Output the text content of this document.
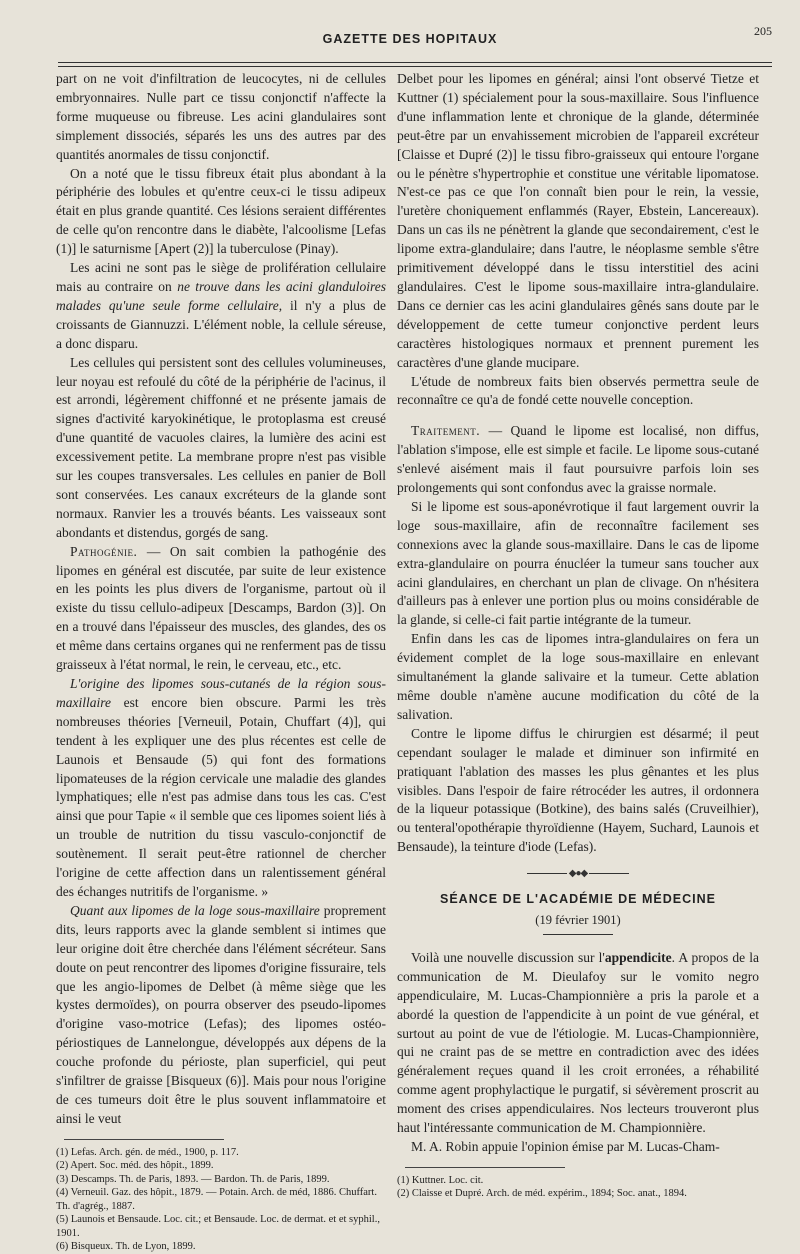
GAZETTE DES HOPITAUX
205

part on ne voit d'infiltration de leucocytes, ni de cellules embryonnaires. Nulle part ce tissu conjonctif n'affecte la forme muqueuse ou fibreuse. Les acini glandulaires sont simplement dissociés, séparés les uns des autres par des quantités anormales de tissu conjonctif.

On a noté que le tissu fibreux était plus abondant à la périphérie des lobules et qu'entre ceux-ci le tissu adipeux était en plus grande quantité. Ces lésions seraient différentes de celle qu'on rencontre dans le diabète, l'alcoolisme [Lefas (1)] le saturnisme [Apert (2)] la tuberculose (Pinay).

Les acini ne sont pas le siège de prolifération cellulaire mais au contraire on ne trouve dans les acini glanduloires malades qu'une seule forme cellulaire, il n'y a plus de croissants de Giannuzzi. L'élément noble, la cellule séreuse, a donc disparu.

Les cellules qui persistent sont des cellules volumineuses, leur noyau est refoulé du côté de la périphérie de l'acinus, il est arrondi, légèrement chiffonné et ne présente jamais de signes d'activité karyokinétique, le protoplasma est creusé d'une quantité de vacuoles claires, la lumière des acini est excessivement petite. La membrane propre n'est pas visible sur les coupes transversales. Les cellules en panier de Boll sont conservées. Les canaux excréteurs de la glande sont normaux. Ranvier les a trouvés béants. Les vaisseaux sont abondants et distendus, gorgés de sang.

Pathogénie. — On sait combien la pathogénie des lipomes en général est discutée, par suite de leur existence en les points les plus divers de l'organisme, partout où il existe du tissu cellulo-adipeux [Descamps, Bardon (3)]. On en a trouvé dans l'épaisseur des muscles, des glandes, des os et même dans certains organes qui ne renferment pas de tissu graisseux à l'état normal, le rein, le cerveau, etc., etc.

L'origine des lipomes sous-cutanés de la région sous-maxillaire est encore bien obscure. Parmi les très nombreuses théories [Verneuil, Potain, Chuffart (4)], qui tendent à les expliquer une des plus récentes est celle de Launois et Bensaude (5) qui font des formations lipomateuses de la région cervicale une maladie des glandes lymphatiques; elle n'est pas admise dans tous les cas. C'est ainsi que pour Tapie « il semble que ces lipomes soient liés à un trouble de nutrition du tissu vasculo-conjonctif de soutènement. Il serait peut-être rationnel de chercher l'origine de cette affection dans un ralentissement général des échanges nutritifs de l'organisme. »

Quant aux lipomes de la loge sous-maxillaire proprement dits, leurs rapports avec la glande semblent si intimes que leur origine doit être cherchée dans l'élément sécréteur. Sans doute on peut rencontrer des lipomes d'origine fissuraire, tels que les angio-lipomes de Delbet (à même siège que les kystes dermoïdes), on pourra observer des pseudo-lipomes d'origine vaso-motrice (Lefas); des lipomes ostéo-périostiques de Lannelongue, développés aux dépens de la couche profonde du périoste, plan superficiel, qui peut s'infiltrer de graisse [Bisqueux (6)]. Mais pour nous l'origine de ces tumeurs doit être le plus souvent inflammatoire et ainsi le veut

(1) Lefas. Arch. gén. de méd., 1900, p. 117.

(2) Apert. Soc. méd. des hôpit., 1899.

(3) Descamps. Th. de Paris, 1893. — Bardon. Th. de Paris, 1899.

(4) Verneuil. Gaz. des hôpit., 1879. — Potain. Arch. de méd, 1886. Chuffart. Th. d'agrég., 1887.

(5) Launois et Bensaude. Loc. cit.; et Bensaude. Loc. de dermat. et et syphil., 1901.

(6) Bisqueux. Th. de Lyon, 1899.

Delbet pour les lipomes en général; ainsi l'ont observé Tietze et Kuttner (1) spécialement pour la sous-maxillaire. Sous l'influence d'une inflammation lente et chronique de la glande, déterminée peut-être par un envahissement microbien de l'appareil excréteur [Claisse et Dupré (2)] le tissu fibro-graisseux qui entoure l'organe ou le pénètre s'hypertrophie et constitue une véritable lipomatose. N'est-ce pas ce que l'on connaît bien pour le rein, la vessie, l'uretère choniquement enflammés (Rayer, Ebstein, Lancereaux). Dans un cas ils ne pénètrent la glande que secondairement, c'est le lipome extra-glandulaire; dans l'autre, le néoplasme semble s'être primitivement développé dans le tissu interstitiel des acini glandulaires. C'est le lipome sous-maxillaire intra-glandulaire. Dans ce dernier cas les acini glandulaires gênés sans doute par le développement de cette tumeur conjonctive perdent leurs caractères histologiques normaux et prennent purement les caractères d'une glande mucipare.

L'étude de nombreux faits bien observés permettra seule de reconnaître ce qu'a de fondé cette nouvelle conception.

Traitement. — Quand le lipome est localisé, non diffus, l'ablation s'impose, elle est simple et facile. Le lipome sous-cutané s'enlevé aisément mais il faut poursuivre parfois loin ses prolongements qui sont confondus avec la graisse normale.

Si le lipome est sous-aponévrotique il faut largement ouvrir la loge sous-maxillaire, afin de reconnaître facilement ses connexions avec la glande sous-maxillaire. Dans le cas de lipome extra-glandulaire on pourra énucléer la tumeur sans toucher aux acini glandulaires, en cherchant un plan de clivage. On n'hésitera d'ailleurs pas à enlever une portion plus ou moins considérable de la glande, si celle-ci fait partie intégrante de la tumeur.

Enfin dans les cas de lipomes intra-glandulaires on fera un évidement complet de la loge sous-maxillaire en enlevant simultanément la glande salivaire et la tumeur. Cette ablation même double n'amène aucune modification du côté de la salivation.

Contre le lipome diffus le chirurgien est désarmé; il peut cependant soulager le malade et diminuer son infirmité en pratiquant l'ablation des masses les plus gênantes et les plus visibles. Dans l'espoir de faire rétrocéder les autres, il ordonnera de la liqueur potassique (Botkine), des bains salés (Cruveilhier), ou tenteral'opothérapie thyroïdienne (Hayem, Suchard, Launois et Bensaude), la teinture d'iode (Lefas).

◆●◆
SÉANCE DE L'ACADÉMIE DE MÉDECINE
(19 février 1901)

Voilà une nouvelle discussion sur l'appendicite. A propos de la communication de M. Dieulafoy sur le vomito negro appendiculaire, M. Lucas-Championnière a pris la parole et a abordé la question de l'appendicite à un point de vue général, et surtout au point de vue de l'étiologie. M. Lucas-Championnière, qui ne craint pas de se mettre en contradiction avec des idées généralement reçues quand il les croit erronées, a réhabilité comme agent prophylactique le purgatif, si sévèrement proscrit au moment des crises appendiculaires. Nos lecteurs trouveront plus haut l'intéressante communication de M. Championnière.

M. A. Robin appuie l'opinion émise par M. Lucas-Cham-

(1) Kuttner. Loc. cit.

(2) Claisse et Dupré. Arch. de méd. expérim., 1894; Soc. anat., 1894.
